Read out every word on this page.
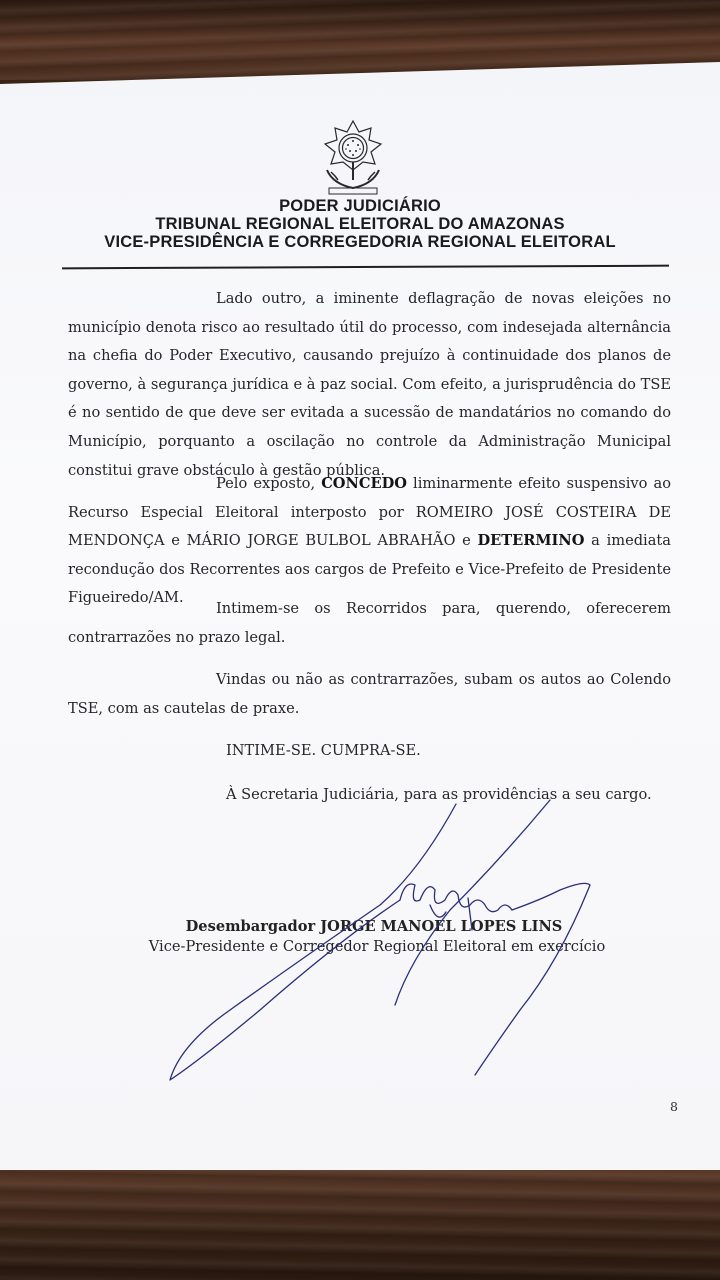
PODER JUDICIÁRIO
TRIBUNAL REGIONAL ELEITORAL DO AMAZONAS
VICE-PRESIDÊNCIA E CORREGEDORIA REGIONAL ELEITORAL
Lado outro, a iminente deflagração de novas eleições no município denota risco ao resultado útil do processo, com indesejada alternância na chefia do Poder Executivo, causando prejuízo à continuidade dos planos de governo, à segurança jurídica e à paz social. Com efeito, a jurisprudência do TSE é no sentido de que deve ser evitada a sucessão de mandatários no comando do Município, porquanto a oscilação no controle da Administração Municipal constitui grave obstáculo à gestão pública.
Pelo exposto, CONCEDO liminarmente efeito suspensivo ao Recurso Especial Eleitoral interposto por ROMEIRO JOSÉ COSTEIRA DE MENDONÇA e MÁRIO JORGE BULBOL ABRAHÃO e DETERMINO a imediata recondução dos Recorrentes aos cargos de Prefeito e Vice-Prefeito de Presidente Figueiredo/AM.
Intimem-se os Recorridos para, querendo, oferecerem contrarrazões no prazo legal.
Vindas ou não as contrarrazões, subam os autos ao Colendo TSE, com as cautelas de praxe.
INTIME-SE. CUMPRA-SE.
À Secretaria Judiciária, para as providências a seu cargo.
Desembargador JORGE MANOEL LOPES LINS
Vice-Presidente e Corregedor Regional Eleitoral em exercício
8
